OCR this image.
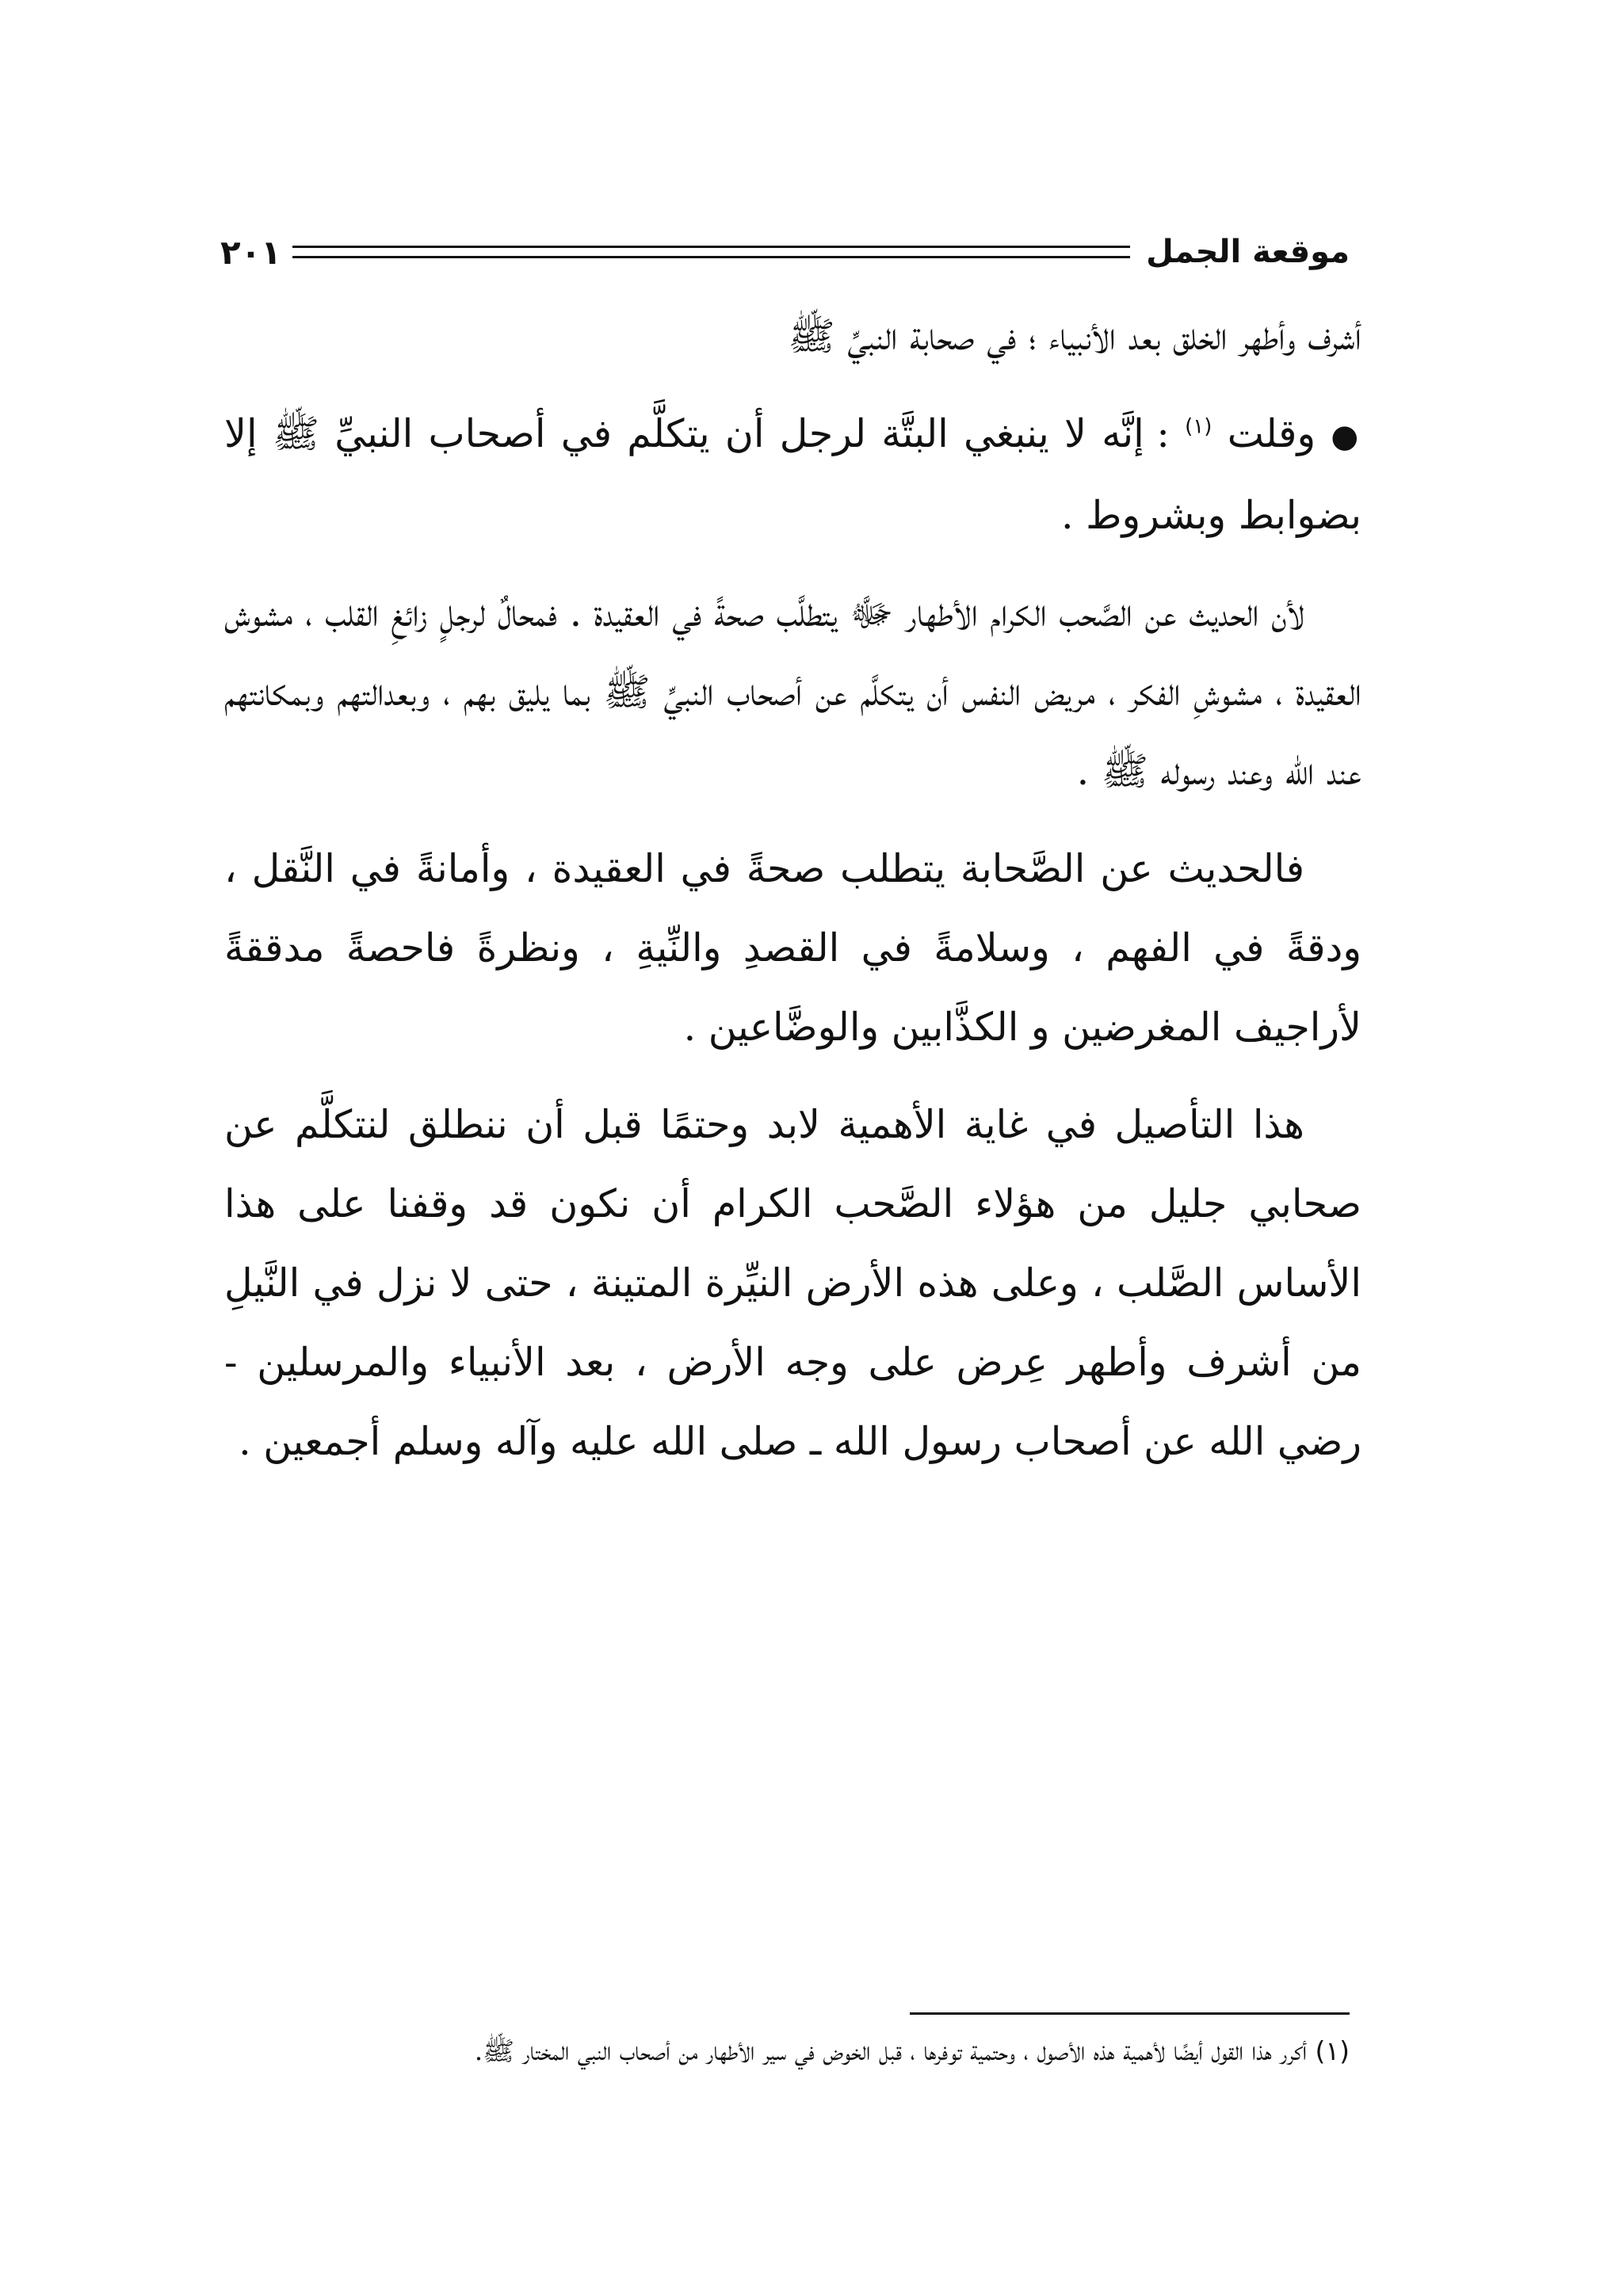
موقعة الجمل
٢٠١

أشرف وأطهر الخلق بعد الأنبياء ؛ في صحابة النبيِّ ﷺ

● وقلت $^{(١)}$ : إنَّه لا ينبغي البتَّة لرجل أن يتكلَّم في أصحاب النبيِّ ﷺ إلا بضوابط وبشروط .

لأن الحديث عن الصَّحب الكرام الأطهار ﷻ يتطلَّب صحةً في العقيدة . فمحالٌ لرجلٍ زائغِ القلب ، مشوش العقيدة ، مشوشِ الفكر ، مريض النفس أن يتكلَّم عن أصحاب النبيِّ ﷺ بما يليق بهم ، وبعدالتهم وبمكانتهم عند الله وعند رسوله ﷺ .

فالحديث عن الصَّحابة يتطلب صحةً في العقيدة ، وأمانةً في النَّقل ، ودقةً في الفهم ، وسلامةً في القصدِ والنِّيةِ ، ونظرةً فاحصةً مدققةً لأراجيف المغرضين و الكذَّابين والوضَّاعين .

هذا التأصيل في غاية الأهمية لابد وحتمًا قبل أن ننطلق لنتكلَّم عن صحابي جليل من هؤلاء الصَّحب الكرام أن نكون قد وقفنا على هذا الأساس الصَّلب ، وعلى هذه الأرض النيِّرة المتينة ، حتى لا نزل في النَّيلِ من أشرف وأطهر عِرض على وجه الأرض ، بعد الأنبياء والمرسلين - رضي الله عن أصحاب رسول الله ـ صلى الله عليه وآله وسلم أجمعين .

(١) أكرر هذا القول أيضًا لأهمية هذه الأصول ، وحتمية توفرها ، قبل الخوض في سير الأطهار من أصحاب النبي المختار ﷺ.
